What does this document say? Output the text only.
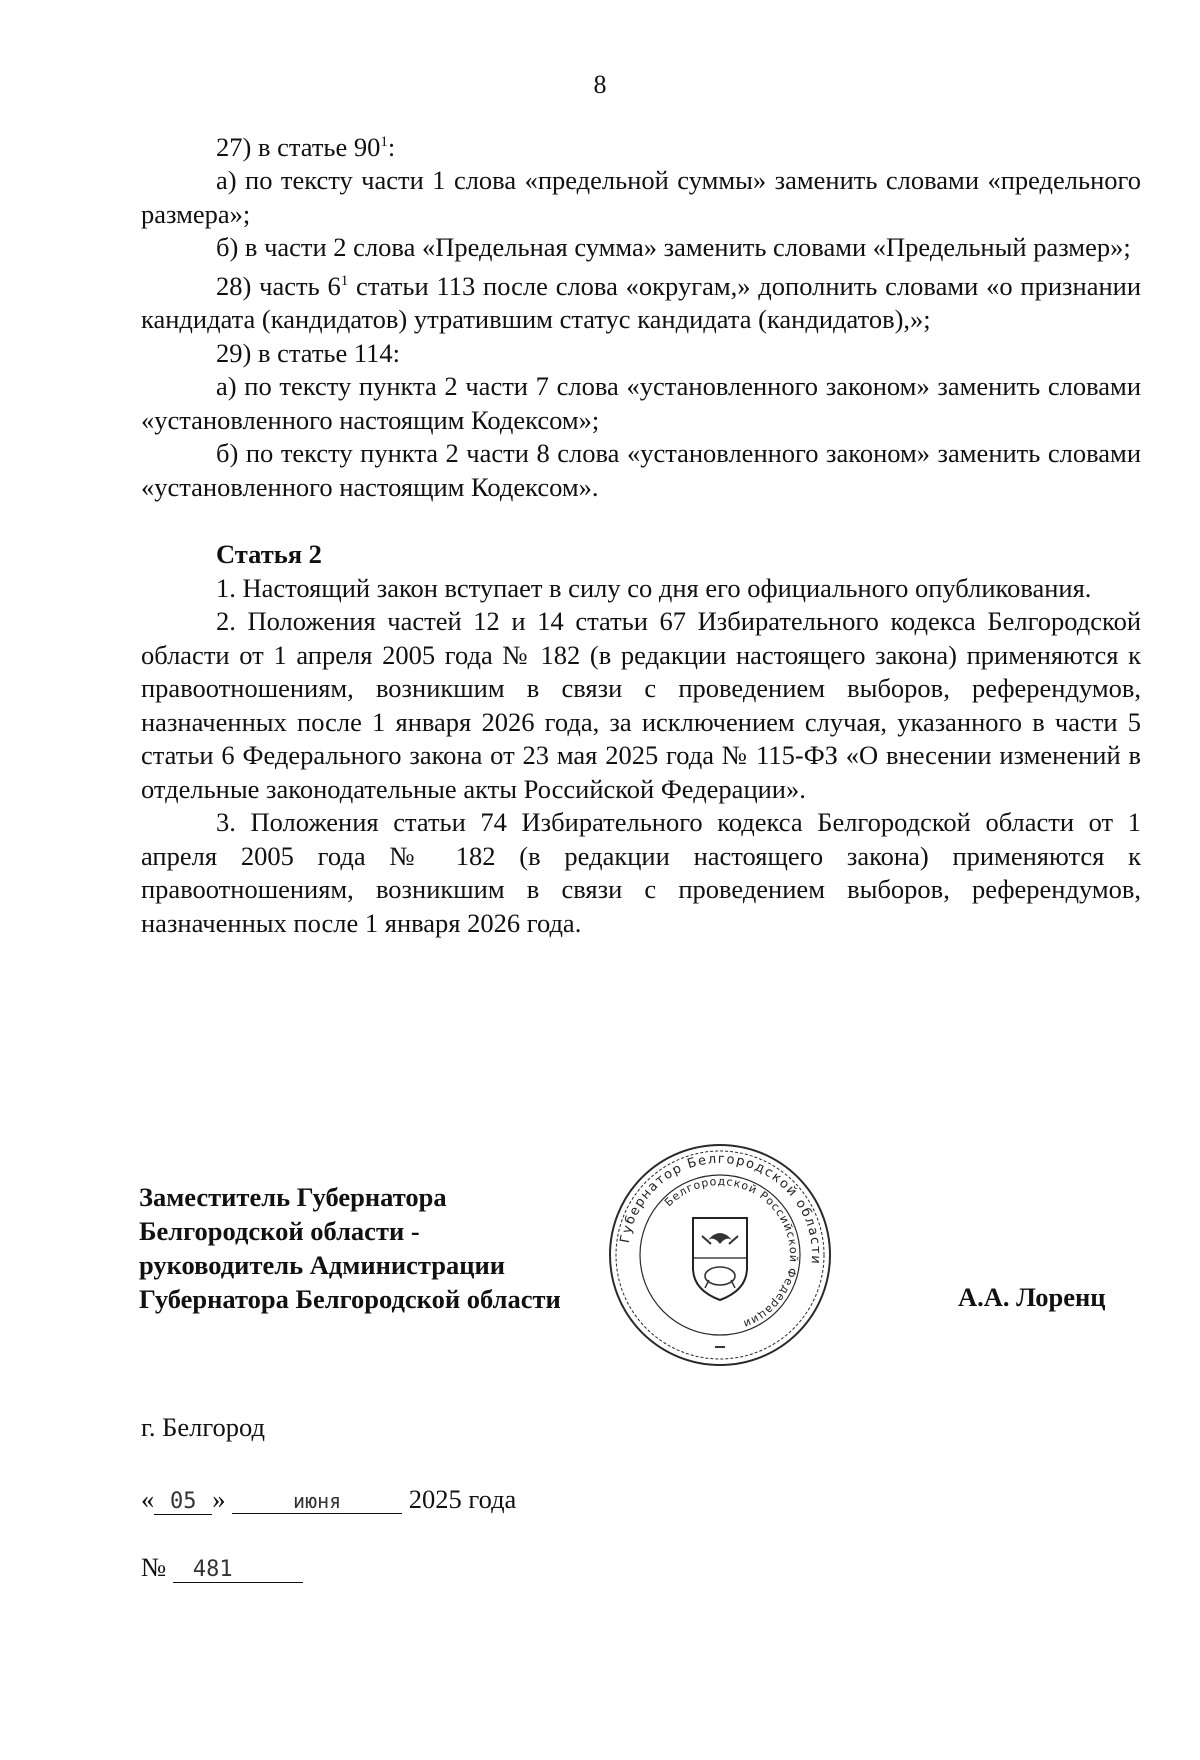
8

27) в статье $90^1$:

а) по тексту части 1 слова «предельной суммы» заменить словами «предельного размера»;

б) в части 2 слова «Предельная сумма» заменить словами «Предельный размер»;

28) часть $6^1$ статьи 113 после слова «округам,» дополнить словами «о признании кандидата (кандидатов) утратившим статус кандидата (кандидатов),»;

29) в статье 114:

а) по тексту пункта 2 части 7 слова «установленного законом» заменить словами «установленного настоящим Кодексом»;

б) по тексту пункта 2 части 8 слова «установленного законом» заменить словами «установленного настоящим Кодексом».

Статья 2

1. Настоящий закон вступает в силу со дня его официального опубликования.

2. Положения частей 12 и 14 статьи 67 Избирательного кодекса Белгородской области от 1 апреля 2005 года № 182 (в редакции настоящего закона) применяются к правоотношениям, возникшим в связи с проведением выборов, референдумов, назначенных после 1 января 2026 года, за исключением случая, указанного в части 5 статьи 6 Федерального закона от 23 мая 2025 года № 115-ФЗ «О внесении изменений в отдельные законодательные акты Российской Федерации».

3. Положения статьи 74 Избирательного кодекса Белгородской области от 1 апреля 2005 года № 182 (в редакции настоящего закона) применяются к правоотношениям, возникшим в связи с проведением выборов, референдумов, назначенных после 1 января 2026 года.

Заместитель Губернатора
Белгородской области -
руководитель Администрации
Губернатора Белгородской области
Губернатор Белгородской области
Белгородской Российской Федерации
А.А. Лоренц
г. Белгород
« 05 »	июня	2025 года
№ 481
